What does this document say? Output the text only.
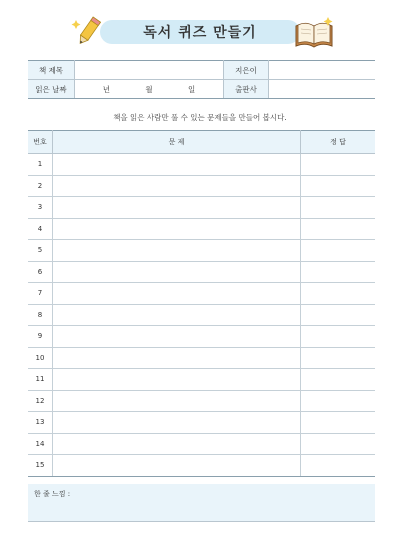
독서 퀴즈 만들기
책 제목		지은이	
읽은 날짜	년 월 일	출판사	
책을 읽은 사람만 풀 수 있는 문제들을 만들어 봅시다.
번호	문 제	정 답
1		
2		
3		
4		
5		
6		
7		
8		
9		
10		
11		
12		
13		
14		
15		
한 줄 느낌 :
